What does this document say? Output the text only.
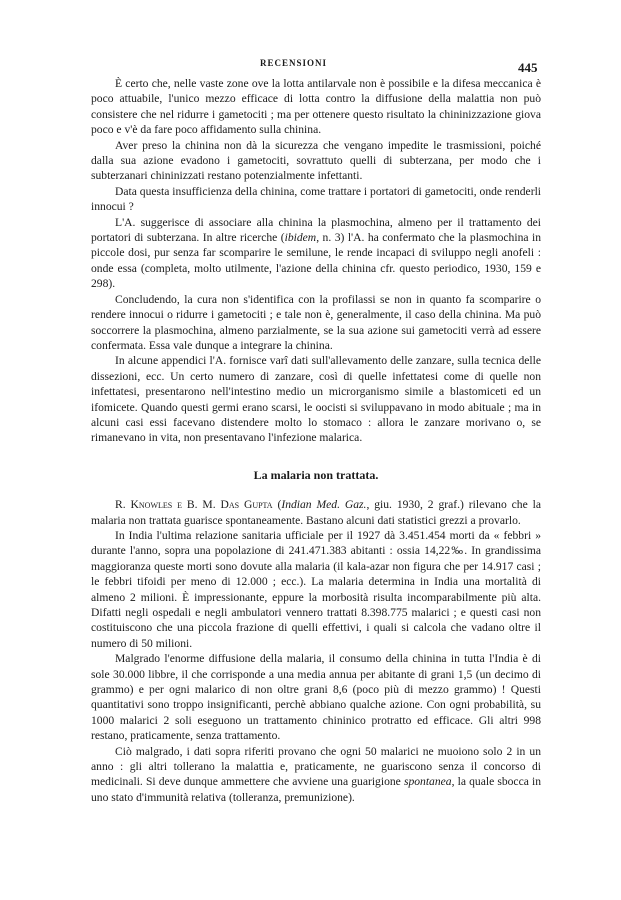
RECENSIONI	445

È certo che, nelle vaste zone ove la lotta antilarvale non è possibile e la difesa meccanica è poco attuabile, l'unico mezzo efficace di lotta contro la diffusione della malattia non può consistere che nel ridurre i gametociti ; ma per ottenere questo risultato la chininizzazione giova poco e v'è da fare poco affidamento sulla chinina.

Aver preso la chinina non dà la sicurezza che vengano impedite le trasmissioni, poiché dalla sua azione evadono i gametociti, sovrattuto quelli di subterzana, per modo che i subterzanari chininizzati restano potenzialmente infettanti.

Data questa insufficienza della chinina, come trattare i portatori di gametociti, onde renderli innocui ?

L'A. suggerisce di associare alla chinina la plasmochina, almeno per il trattamento dei portatori di subterzana. In altre ricerche (ibidem, n. 3) l'A. ha confermato che la plasmochina in piccole dosi, pur senza far scomparire le semilune, le rende incapaci di sviluppo negli anofeli : onde essa (completa, molto utilmente, l'azione della chinina cfr. questo periodico, 1930, 159 e 298).

Concludendo, la cura non s'identifica con la profilassi se non in quanto fa scomparire o rendere innocui o ridurre i gametociti ; e tale non è, generalmente, il caso della chinina. Ma può soccorrere la plasmochina, almeno parzialmente, se la sua azione sui gametociti verrà ad essere confermata. Essa vale dunque a integrare la chinina.

In alcune appendici l'A. fornisce varî dati sull'allevamento delle zanzare, sulla tecnica delle dissezioni, ecc. Un certo numero di zanzare, così di quelle infettatesi come di quelle non infettatesi, presentarono nell'intestino medio un microrganismo simile a blastomiceti ed un ifomicete. Quando questi germi erano scarsi, le oocisti si sviluppavano in modo abituale ; ma in alcuni casi essi facevano distendere molto lo stomaco : allora le zanzare morivano o, se rimanevano in vita, non presentavano l'infezione malarica.

La malaria non trattata.

R. Knowles e B. M. Das Gupta (Indian Med. Gaz., giu. 1930, 2 graf.) rilevano che la malaria non trattata guarisce spontaneamente. Bastano alcuni dati statistici grezzi a provarlo.

In India l'ultima relazione sanitaria ufficiale per il 1927 dà 3.451.454 morti da « febbri » durante l'anno, sopra una popolazione di 241.471.383 abitanti : ossia 14,22‰. In grandissima maggioranza queste morti sono dovute alla malaria (il kala-azar non figura che per 14.917 casi ; le febbri tifoidi per meno di 12.000 ; ecc.). La malaria determina in India una mortalità di almeno 2 milioni. È impressionante, eppure la morbosità risulta incomparabilmente più alta. Difatti negli ospedali e negli ambulatori vennero trattati 8.398.775 malarici ; e questi casi non costituiscono che una piccola frazione di quelli effettivi, i quali si calcola che vadano oltre il numero di 50 milioni.

Malgrado l'enorme diffusione della malaria, il consumo della chinina in tutta l'India è di sole 30.000 libbre, il che corrisponde a una media annua per abitante di grani 1,5 (un decimo di grammo) e per ogni malarico di non oltre grani 8,6 (poco più di mezzo grammo) ! Questi quantitativi sono troppo insignificanti, perchè abbiano qualche azione. Con ogni probabilità, su 1000 malarici 2 soli eseguono un trattamento chininico protratto ed efficace. Gli altri 998 restano, praticamente, senza trattamento.

Ciò malgrado, i dati sopra riferiti provano che ogni 50 malarici ne muoiono solo 2 in un anno : gli altri tollerano la malattia e, praticamente, ne guariscono senza il concorso di medicinali. Si deve dunque ammettere che avviene una guarigione spontanea, la quale sbocca in uno stato d'immunità relativa (tolleranza, premunizione).
